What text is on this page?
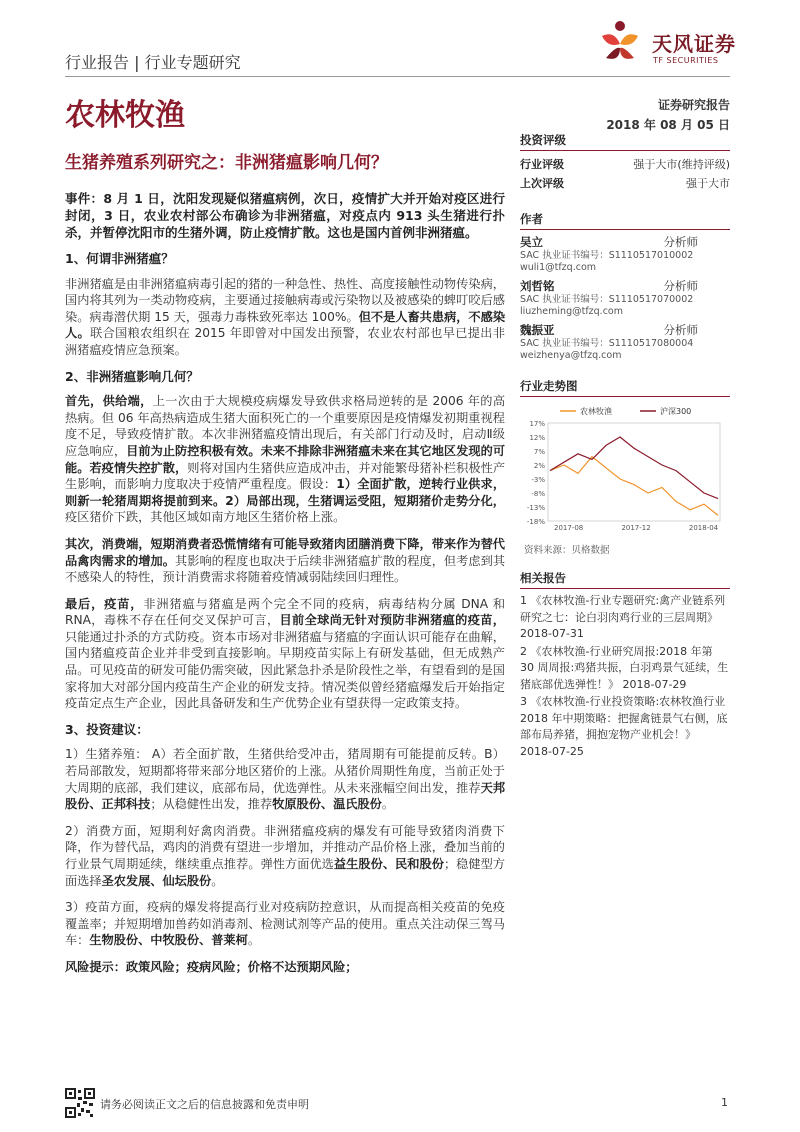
行业报告 | 行业专题研究
天风证券
TF SECURITIES
农林牧渔	证券研究报告
2018 年 08 月 05 日
生猪养殖系列研究之：非洲猪瘟影响几何？

事件：8 月 1 日，沈阳发现疑似猪瘟病例，次日，疫情扩大并开始对疫区进行封闭，3 日，农业农村部公布确诊为非洲猪瘟，对疫点内 913 头生猪进行扑杀，并暂停沈阳市的生猪外调，防止疫情扩散。这也是国内首例非洲猪瘟。

1、何谓非洲猪瘟？

非洲猪瘟是由非洲猪瘟病毒引起的猪的一种急性、热性、高度接触性动物传染病，国内将其列为一类动物疫病，主要通过接触病毒或污染物以及被感染的蜱叮咬后感染。病毒潜伏期 15 天，强毒力毒株致死率达 100%。但不是人畜共患病，不感染人。联合国粮农组织在 2015 年即曾对中国发出预警，农业农村部也早已提出非洲猪瘟疫情应急预案。

2、非洲猪瘟影响几何？

首先，供给端，上一次由于大规模疫病爆发导致供求格局逆转的是 2006 年的高热病。但 06 年高热病造成生猪大面积死亡的一个重要原因是疫情爆发初期重视程度不足，导致疫情扩散。本次非洲猪瘟疫情出现后，有关部门行动及时，启动Ⅱ级应急响应，目前为止防控积极有效。未来不排除非洲猪瘟未来在其它地区发现的可能。若疫情失控扩散，则将对国内生猪供应造成冲击，并对能繁母猪补栏积极性产生影响，而影响力度取决于疫情严重程度。假设：1）全面扩散，逆转行业供求，则新一轮猪周期将提前到来。2）局部出现，生猪调运受阻，短期猪价走势分化，疫区猪价下跌，其他区域如南方地区生猪价格上涨。

其次，消费端，短期消费者恐慌情绪有可能导致猪肉团膳消费下降，带来作为替代品禽肉需求的增加。其影响的程度也取决于后续非洲猪瘟扩散的程度，但考虑到其不感染人的特性，预计消费需求将随着疫情减弱陆续回归理性。

最后，疫苗，非洲猪瘟与猪瘟是两个完全不同的疫病，病毒结构分属 DNA 和 RNA，毒株不存在任何交叉保护可言，目前全球尚无针对预防非洲猪瘟的疫苗，只能通过扑杀的方式防疫。资本市场对非洲猪瘟与猪瘟的字面认识可能存在曲解，国内猪瘟疫苗企业并非受到直接影响。早期疫苗实际上有研发基础，但无成熟产品。可见疫苗的研发可能仍需突破，因此紧急扑杀是阶段性之举，有望看到的是国家将加大对部分国内疫苗生产企业的研发支持。情况类似曾经猪瘟爆发后开始指定疫苗定点生产企业，因此具备研发和生产优势企业有望获得一定政策支持。

3、投资建议：

1）生猪养殖： A）若全面扩散，生猪供给受冲击，猪周期有可能提前反转。B）若局部散发，短期都将带来部分地区猪价的上涨。从猪价周期性角度，当前正处于大周期的底部，我们建议，底部布局，优选弹性。从未来涨幅空间出发，推荐天邦股份、正邦科技；从稳健性出发，推荐牧原股份、温氏股份。

2）消费方面，短期利好禽肉消费。非洲猪瘟疫病的爆发有可能导致猪肉消费下降，作为替代品，鸡肉的消费有望进一步增加，并推动产品价格上涨，叠加当前的行业景气周期延续，继续重点推荐。弹性方面优选益生股份、民和股份；稳健型方面选择圣农发展、仙坛股份。

3）疫苗方面，疫病的爆发将提高行业对疫病防控意识，从而提高相关疫苗的免疫覆盖率；并短期增加兽药如消毒剂、检测试剂等产品的使用。重点关注动保三驾马车：生物股份、中牧股份、普莱柯。

风险提示：政策风险；疫病风险；价格不达预期风险；

投资评级
行业评级	强于大市(维持评级)
上次评级	强于大市
作者
吴立	分析师
SAC 执业证书编号：S1110517010002
wuli1@tfzq.com
刘哲铭	分析师
SAC 执业证书编号：S1110517070002
liuzheming@tfzq.com
魏振亚	分析师
SAC 执业证书编号：S1110517080004
weizhenya@tfzq.com
行业走势图
17%
12%
7%
2%
-3%
-8%
-13%
-18%
2017-08	2017-12	2018-04
农林牧渔	沪深300
资料来源：贝格数据
相关报告
1 《农林牧渔-行业专题研究:禽产业链系列研究之七：论白羽肉鸡行业的三层周期》 2018-07-31
2 《农林牧渔-行业研究周报:2018 年第 30 周周报:鸡猪共振，白羽鸡景气延续，生猪底部优选弹性！》 2018-07-29
3 《农林牧渔-行业投资策略:农林牧渔行业 2018 年中期策略：把握禽链景气右侧，底部布局养猪，拥抱宠物产业机会！》 2018-07-25
请务必阅读正文之后的信息披露和免责申明	1
